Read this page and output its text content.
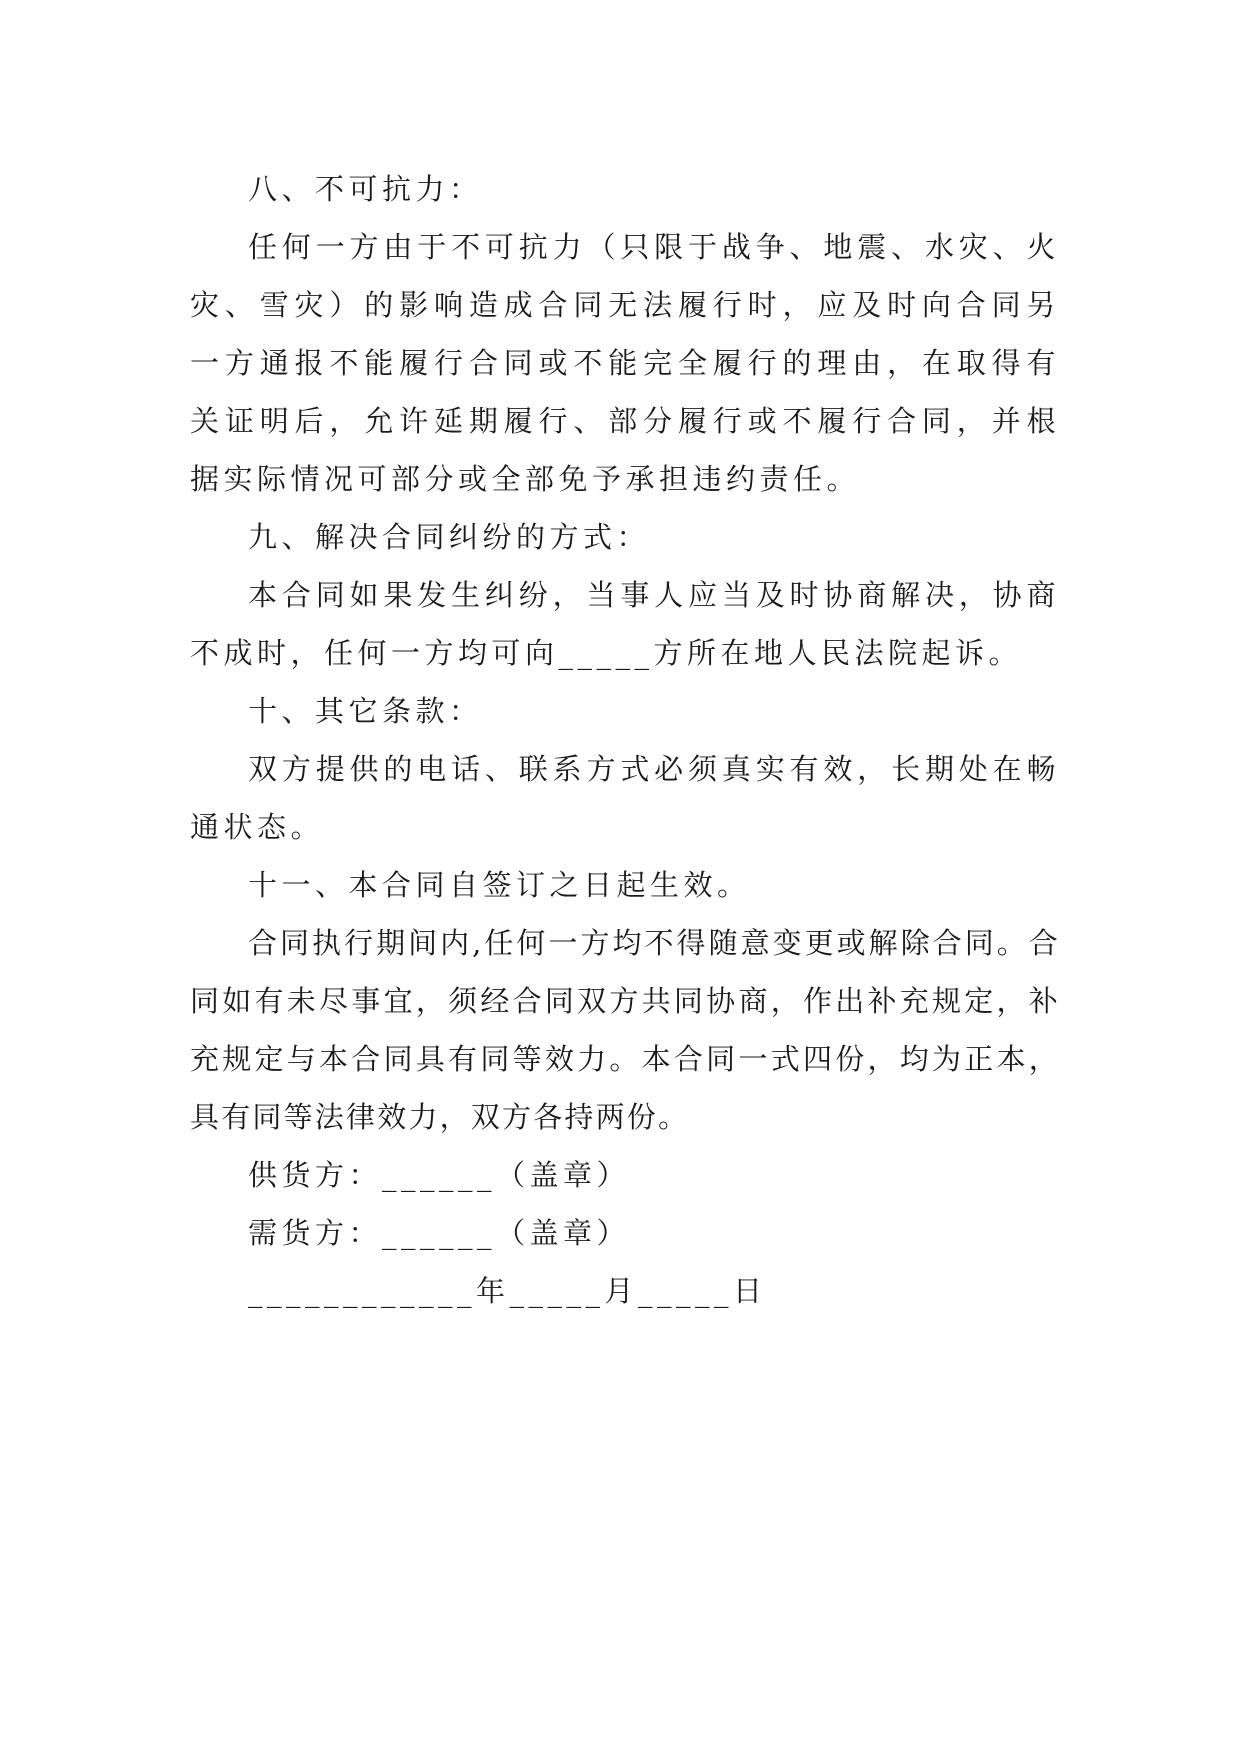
八、不可抗力：

任何一方由于不可抗力（只限于战争、地震、水灾、火灾、雪灾）的影响造成合同无法履行时，应及时向合同另一方通报不能履行合同或不能完全履行的理由，在取得有关证明后，允许延期履行、部分履行或不履行合同，并根据实际情况可部分或全部免予承担违约责任。

九、解决合同纠纷的方式：

本合同如果发生纠纷，当事人应当及时协商解决，协商不成时，任何一方均可向_____方所在地人民法院起诉。

十、其它条款：

双方提供的电话、联系方式必须真实有效，长期处在畅通状态。

十一、本合同自签订之日起生效。

合同执行期间内,任何一方均不得随意变更或解除合同。合同如有未尽事宜，须经合同双方共同协商，作出补充规定，补充规定与本合同具有同等效力。本合同一式四份，均为正本，具有同等法律效力，双方各持两份。

供货方：______（盖章）

需货方：______（盖章）

____________年_____月_____日
